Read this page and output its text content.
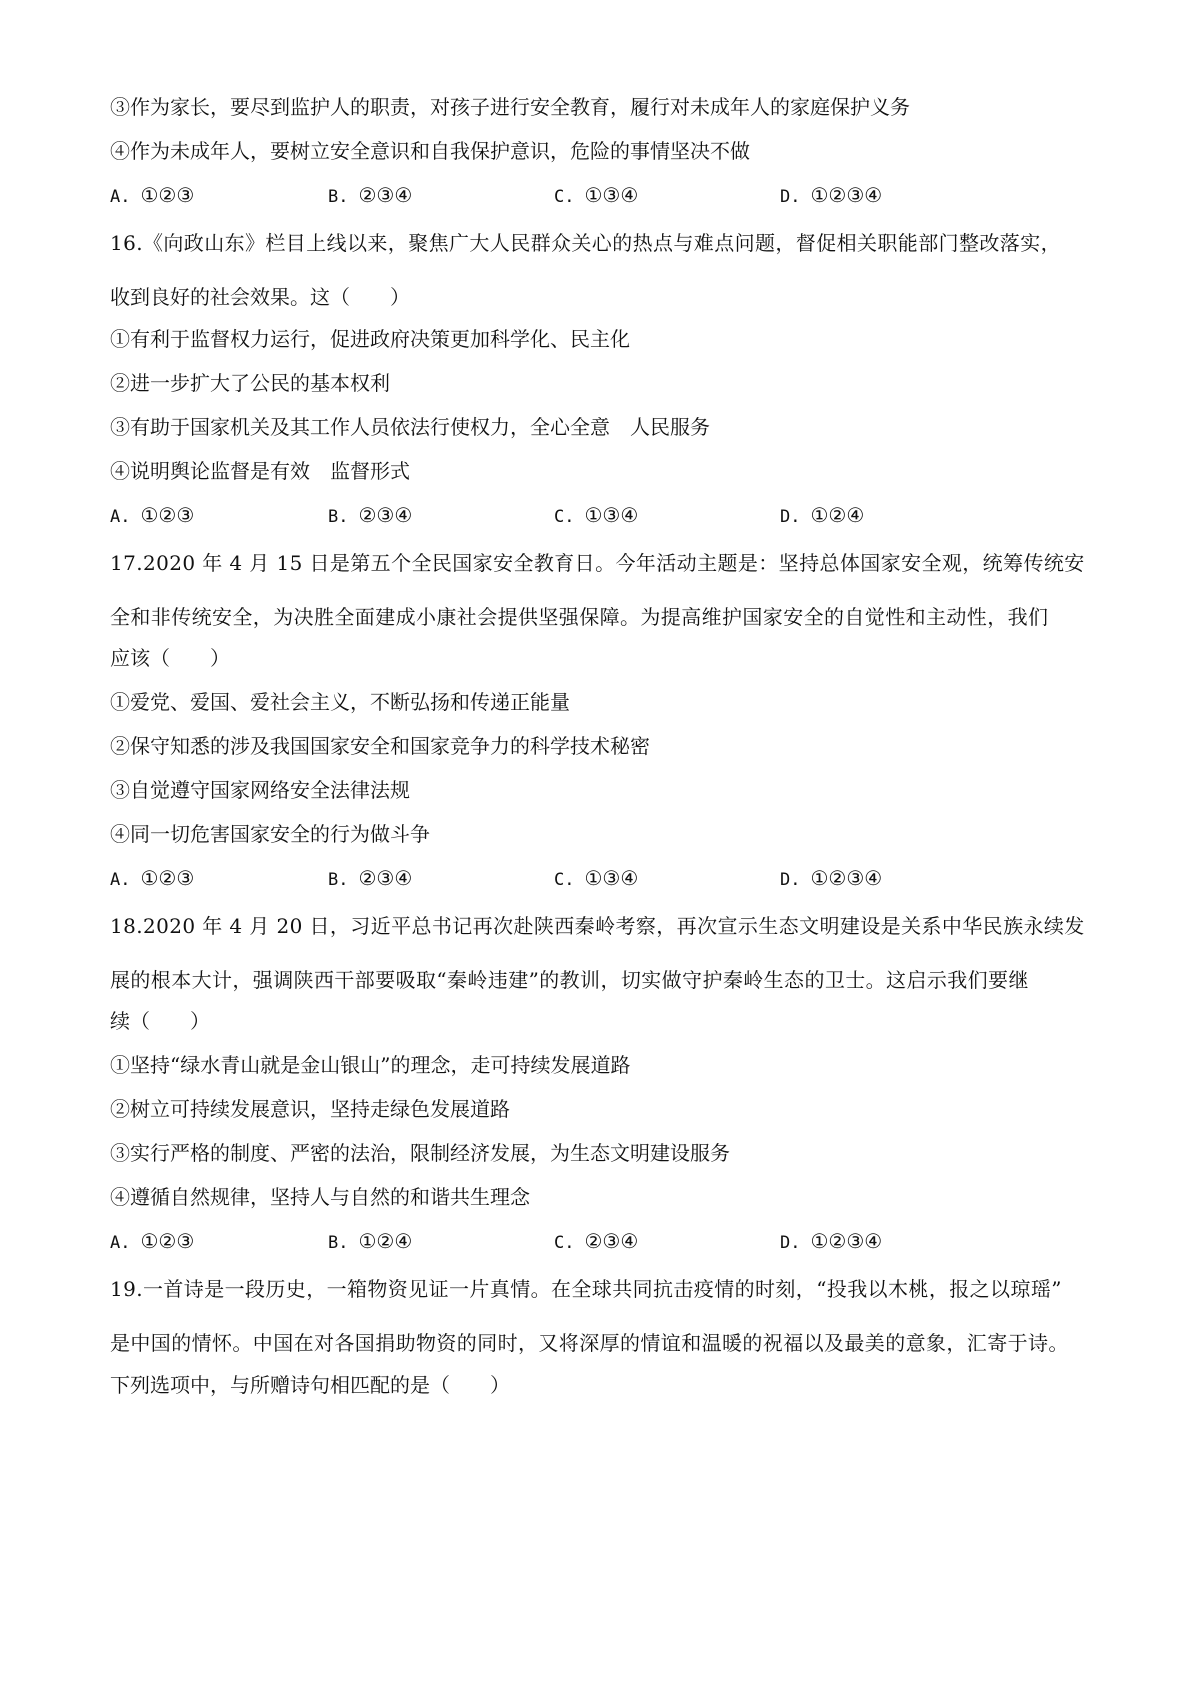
③作为家长，要尽到监护人的职责，对孩子进行安全教育，履行对未成年人的家庭保护义务
④作为未成年人，要树立安全意识和自我保护意识，危险的事情坚决不做
A. ①②③	B. ②③④	C. ①③④	D. ①②③④
16.《向政山东》栏目上线以来，聚焦广大人民群众关心的热点与难点问题，督促相关职能部门整改落实，
收到良好的社会效果。这（　　）
①有利于监督权力运行，促进政府决策更加科学化、民主化
②进一步扩大了公民的基本权利
③有助于国家机关及其工作人员依法行使权力，全心全意　人民服务
④说明舆论监督是有效　监督形式
A. ①②③	B. ②③④	C. ①③④	D. ①②④
17.2020 年 4 月 15 日是第五个全民国家安全教育日。今年活动主题是：坚持总体国家安全观，统筹传统安
全和非传统安全，为决胜全面建成小康社会提供坚强保障。为提高维护国家安全的自觉性和主动性，我们
应该（　　）
①爱党、爱国、爱社会主义，不断弘扬和传递正能量
②保守知悉的涉及我国国家安全和国家竞争力的科学技术秘密
③自觉遵守国家网络安全法律法规
④同一切危害国家安全的行为做斗争
A. ①②③	B. ②③④	C. ①③④	D. ①②③④
18.2020 年 4 月 20 日，习近平总书记再次赴陕西秦岭考察，再次宣示生态文明建设是关系中华民族永续发
展的根本大计，强调陕西干部要吸取“秦岭违建”的教训，切实做守护秦岭生态的卫士。这启示我们要继
续（　　）
①坚持“绿水青山就是金山银山”的理念，走可持续发展道路
②树立可持续发展意识，坚持走绿色发展道路
③实行严格的制度、严密的法治，限制经济发展，为生态文明建设服务
④遵循自然规律，坚持人与自然的和谐共生理念
A. ①②③	B. ①②④	C. ②③④	D. ①②③④
19.一首诗是一段历史，一箱物资见证一片真情。在全球共同抗击疫情的时刻，“投我以木桃，报之以琼瑶”
是中国的情怀。中国在对各国捐助物资的同时，又将深厚的情谊和温暖的祝福以及最美的意象，汇寄于诗。
下列选项中，与所赠诗句相匹配的是（　　）
